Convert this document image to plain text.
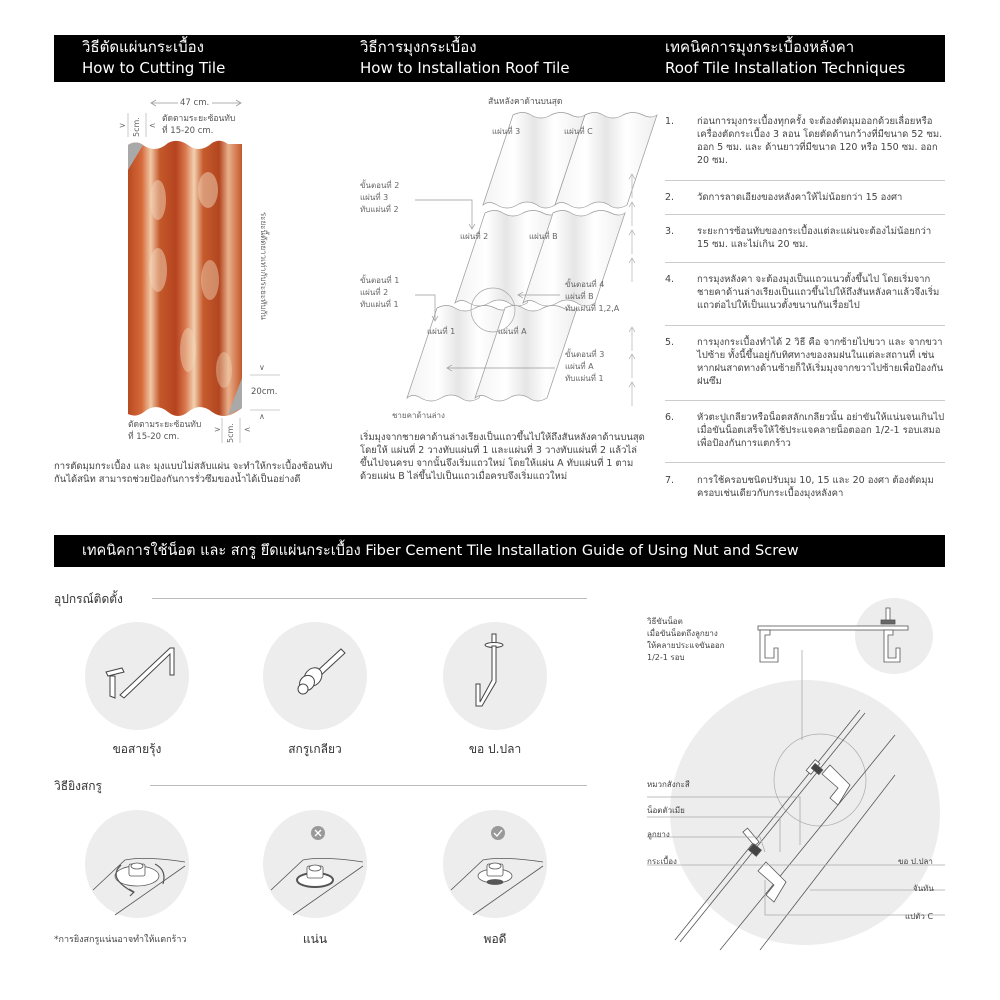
วิธีตัดแผ่นกระเบื้อง
How to Cutting Tile
วิธีการมุงกระเบื้อง
How to Installation Roof Tile
เทคนิคการมุงกระเบื้องหลังคา
Roof Tile Installation Techniques
47 cm.
> 5cm. <
ตัดตามระยะซ้อนทับ
ที่ 15-20 cm.
ระยะนี้ตัดยาวเท่ากับระยะทับกัน
∨
20cm.
∧
ตัดตามระยะซ้อนทับ
ที่ 15-20 cm.
> 5cm. <
การตัดมุมกระเบื้อง และ มุงแบบไม่สลับแผ่น จะทำให้กระเบื้องซ้อนทับกันได้สนิท สามารถช่วยป้องกันการรั่วซึมของน้ำได้เป็นอย่างดี
สันหลังคาด้านบนสุด
แผ่นที่ 3	แผ่นที่ C
แผ่นที่ 2	แผ่นที่ B
แผ่นที่ 1	แผ่นที่ A
ขั้นตอนที่ 2
แผ่นที่ 3
ทับแผ่นที่ 2
ขั้นตอนที่ 1
แผ่นที่ 2
ทับแผ่นที่ 1
ขั้นตอนที่ 4
แผ่นที่ B
ทับแผ่นที่ 1,2,A
ขั้นตอนที่ 3
แผ่นที่ A
ทับแผ่นที่ 1
ชายคาด้านล่าง
เริ่มมุงจากชายคาด้านล่างเรียงเป็นแถวขึ้นไปให้ถึงสันหลังคาด้านบนสุด โดยให้ แผ่นที่ 2 วางทับแผ่นที่ 1 และแผ่นที่ 3 วางทับแผ่นที่ 2 แล้วไล่ขึ้นไปจนครบ จากนั้นจึงเริ่มแถวใหม่ โดยให้แผ่น A ทับแผ่นที่ 1 ตามด้วยแผ่น B ไล่ขึ้นไปเป็นแถวเมื่อครบจึงเริ่มแถวใหม่
1. ก่อนการมุงกระเบื้องทุกครั้ง จะต้องตัดมุมออกด้วยเลื่อยหรือเครื่องตัดกระเบื้อง 3 ลอน โดยตัดด้านกว้างที่มีขนาด 52 ซม. ออก 5 ซม. และ ด้านยาวที่มีขนาด 120 หรือ 150 ซม. ออก 20 ซม.
2. วัดการลาดเอียงของหลังคาให้ไม่น้อยกว่า 15 องศา
3. ระยะการซ้อนทับของกระเบื้องแต่ละแผ่นจะต้องไม่น้อยกว่า 15 ซม. และไม่เกิน 20 ซม.
4. การมุงหลังคา จะต้องมุงเป็นแถวแนวตั้งขึ้นไป โดยเริ่มจากชายคาด้านล่างเรียงเป็นแถวขึ้นไปให้ถึงสันหลังคาแล้วจึงเริ่มแถวต่อไปให้เป็นแนวตั้งขนานกันเรื่อยไป
5. การมุงกระเบื้องทำได้ 2 วิธี คือ จากซ้ายไปขวา และ จากขวาไปซ้าย ทั้งนี้ขึ้นอยู่กับทิศทางของลมฝนในแต่ละสถานที่ เช่น หากฝนสาดทางด้านซ้ายก็ให้เริ่มมุงจากขวาไปซ้ายเพื่อป้องกันฝนซึม
6. หัวตะปูเกลียวหรือน็อตสลักเกลียวนั้น อย่าขันให้แน่นจนเกินไป เมื่อขันน็อตเสร็จให้ใช้ประแจคลายน็อตออก 1/2-1 รอบเสมอ เพื่อป้องกันการแตกร้าว
7. การใช้ครอบชนิดปรับมุม 10, 15 และ 20 องศา ต้องตัดมุมครอบเช่นเดียวกับกระเบื้องมุงหลังคา
เทคนิคการใช้น็อต และ สกรู ยึดแผ่นกระเบื้อง Fiber Cement Tile Installation Guide of Using Nut and Screw
อุปกรณ์ติดตั้ง
ขอสายรุ้ง	สกรูเกลียว	ขอ ป.ปลา
วิธียิงสกรู
*การยิงสกรูแน่นอาจทำให้แตกร้าว	แน่น	พอดี
วิธีขันน็อต
เมื่อขันน็อตถึงลูกยาง
ให้คลายประแจขันออก
1/2-1 รอบ
หมวกสังกะสี
น็อตตัวเมีย
ลูกยาง
กระเบื้อง	ขอ ป.ปลา
จันทัน
แปตัว C
